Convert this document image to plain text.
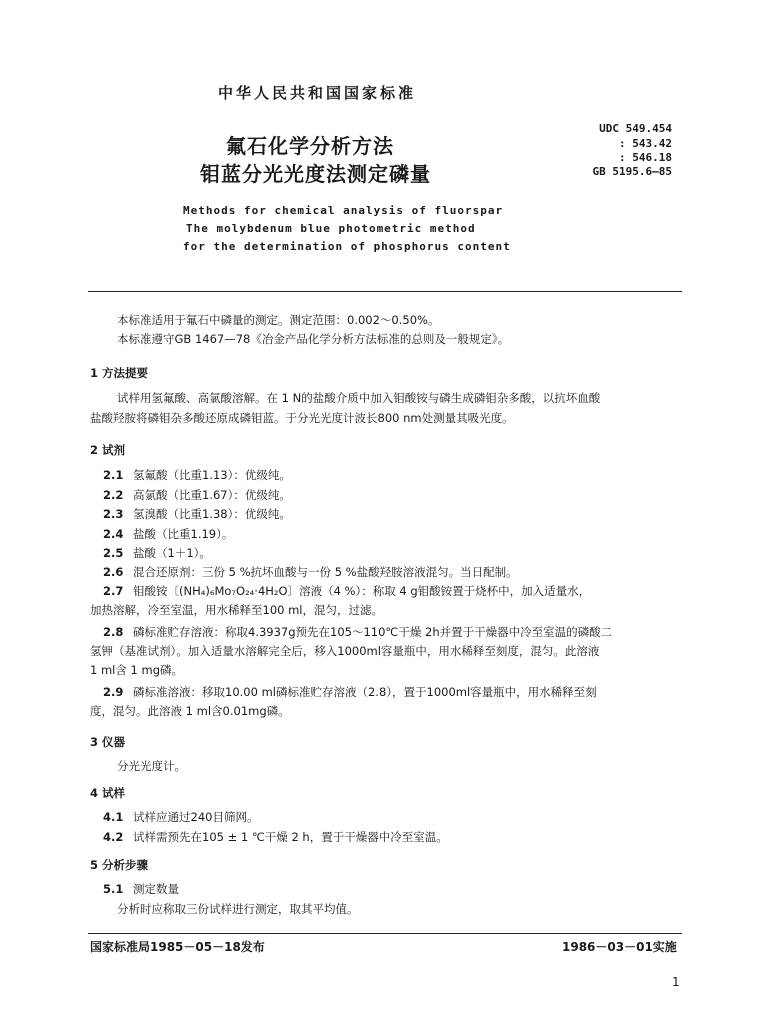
中华人民共和国国家标准
氟石化学分析方法
钼蓝分光光度法测定磷量
UDC 549.454
: 543.42
: 546.18
GB 5195.6—85
Methods for chemical analysis of fluorspar
The molybdenum blue photometric method
for the determination of phosphorus content
本标准适用于氟石中磷量的测定。测定范围：0.002～0.50%。
本标准遵守GB 1467—78《冶金产品化学分析方法标准的总则及一般规定》。
1 方法提要
试样用氢氟酸、高氯酸溶解。在 1 N的盐酸介质中加入钼酸铵与磷生成磷钼杂多酸，以抗坏血酸
盐酸羟胺将磷钼杂多酸还原成磷钼蓝。于分光光度计波长800 nm处测量其吸光度。
2 试剂
2.1 氢氟酸（比重1.13）：优级纯。
2.2 高氯酸（比重1.67）：优级纯。
2.3 氢溴酸（比重1.38）：优级纯。
2.4 盐酸（比重1.19）。
2.5 盐酸（1＋1）。
2.6 混合还原剂：三份 5 %抗坏血酸与一份 5 %盐酸羟胺溶液混匀。当日配制。
2.7 钼酸铵〔(NH₄)₆Mo₇O₂₄·4H₂O〕溶液（4 %）：称取 4 g钼酸铵置于烧杯中，加入适量水，
加热溶解，冷至室温，用水稀释至100 ml，混匀，过滤。
2.8 磷标准贮存溶液：称取4.3937g预先在105～110℃干燥 2h并置于干燥器中冷至室温的磷酸二
氢钾（基准试剂）。加入适量水溶解完全后，移入1000ml容量瓶中，用水稀释至刻度，混匀。此溶液
1 ml含 1 mg磷。
2.9 磷标准溶液：移取10.00 ml磷标准贮存溶液（2.8），置于1000ml容量瓶中，用水稀释至刻
度，混匀。此溶液 1 ml含0.01mg磷。
3 仪器
分光光度计。
4 试样
4.1 试样应通过240目筛网。
4.2 试样需预先在105 ± 1 ℃干燥 2 h，置于干燥器中冷至室温。
5 分析步骤
5.1 测定数量
分析时应称取三份试样进行测定，取其平均值。
国家标准局1985－05－18发布	1986－03－01实施
1
